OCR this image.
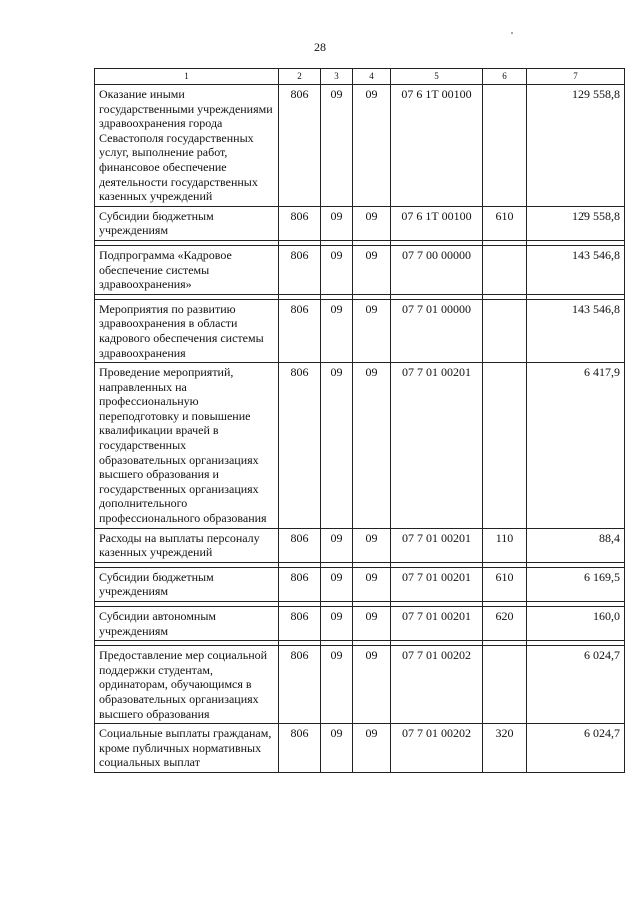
28
1	2	3	4	5	6	7
Оказание иными государственными учреждениями здравоохранения города Севастополя государственных услуг, выполнение работ, финансовое обеспечение деятельности государственных казенных учреждений	806	09	09	07 6 1Т 00100		129 558,8
Субсидии бюджетным учреждениям	806	09	09	07 6 1Т 00100	610	129 558,8

Подпрограмма «Кадровое обеспечение системы здравоохранения»	806	09	09	07 7 00 00000		143 546,8

Мероприятия по развитию здравоохранения в области кадрового обеспечения системы здравоохранения	806	09	09	07 7 01 00000		143 546,8
Проведение мероприятий, направленных на профессиональную переподготовку и повышение квалификации врачей в государственных образовательных организациях высшего образования и государственных организациях дополнительного профессионального образования	806	09	09	07 7 01 00201		6 417,9
Расходы на выплаты персоналу казенных учреждений	806	09	09	07 7 01 00201	110	88,4

Субсидии бюджетным учреждениям	806	09	09	07 7 01 00201	610	6 169,5

Субсидии автономным учреждениям	806	09	09	07 7 01 00201	620	160,0

Предоставление мер социальной поддержки студентам, ординаторам, обучающимся в образовательных организациях высшего образования	806	09	09	07 7 01 00202		6 024,7
Социальные выплаты гражданам, кроме публичных нормативных социальных выплат	806	09	09	07 7 01 00202	320	6 024,7
